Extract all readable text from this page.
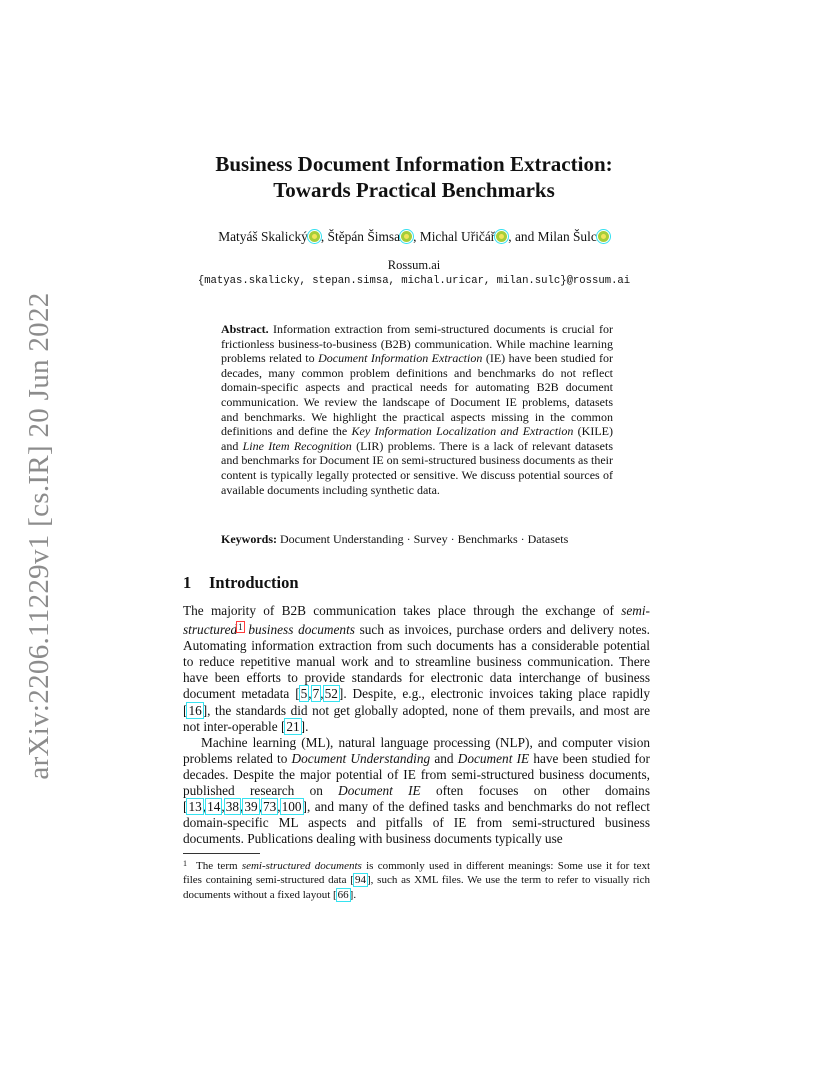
arXiv:2206.11229v1 [cs.IR] 20 Jun 2022
Business Document Information Extraction:
Towards Practical Benchmarks
Matyáš Skalický , Štěpán Šimsa , Michal Uřičář , and Milan Šulc
Rossum.ai
{matyas.skalicky, stepan.simsa, michal.uricar, milan.sulc}@rossum.ai
Abstract. Information extraction from semi-structured documents is crucial for frictionless business-to-business (B2B) communication. While machine learning problems related to Document Information Extraction (IE) have been studied for decades, many common problem definitions and benchmarks do not reflect domain-specific aspects and practical needs for automating B2B document communication. We review the landscape of Document IE problems, datasets and benchmarks. We highlight the practical aspects missing in the common definitions and define the Key Information Localization and Extraction (KILE) and Line Item Recognition (LIR) problems. There is a lack of relevant datasets and benchmarks for Document IE on semi-structured business documents as their content is typically legally protected or sensitive. We discuss potential sources of available documents including synthetic data.
Keywords: Document Understanding · Survey · Benchmarks · Datasets
1 Introduction

The majority of B2B communication takes place through the exchange of semi-structured$^1$ business documents such as invoices, purchase orders and delivery notes. Automating information extraction from such documents has a considerable potential to reduce repetitive manual work and to streamline business communication. There have been efforts to provide standards for electronic data interchange of business document metadata [5,7,52]. Despite, e.g., electronic invoices taking place rapidly [16], the standards did not get globally adopted, none of them prevails, and most are not inter-operable [21].

Machine learning (ML), natural language processing (NLP), and computer vision problems related to Document Understanding and Document IE have been studied for decades. Despite the major potential of IE from semi-structured business documents, published research on Document IE often focuses on other domains [13,14,38,39,73,100], and many of the defined tasks and benchmarks do not reflect domain-specific ML aspects and pitfalls of IE from semi-structured business documents. Publications dealing with business documents typically use

1 The term semi-structured documents is commonly used in different meanings: Some use it for text files containing semi-structured data [94], such as XML files. We use the term to refer to visually rich documents without a fixed layout [66].
